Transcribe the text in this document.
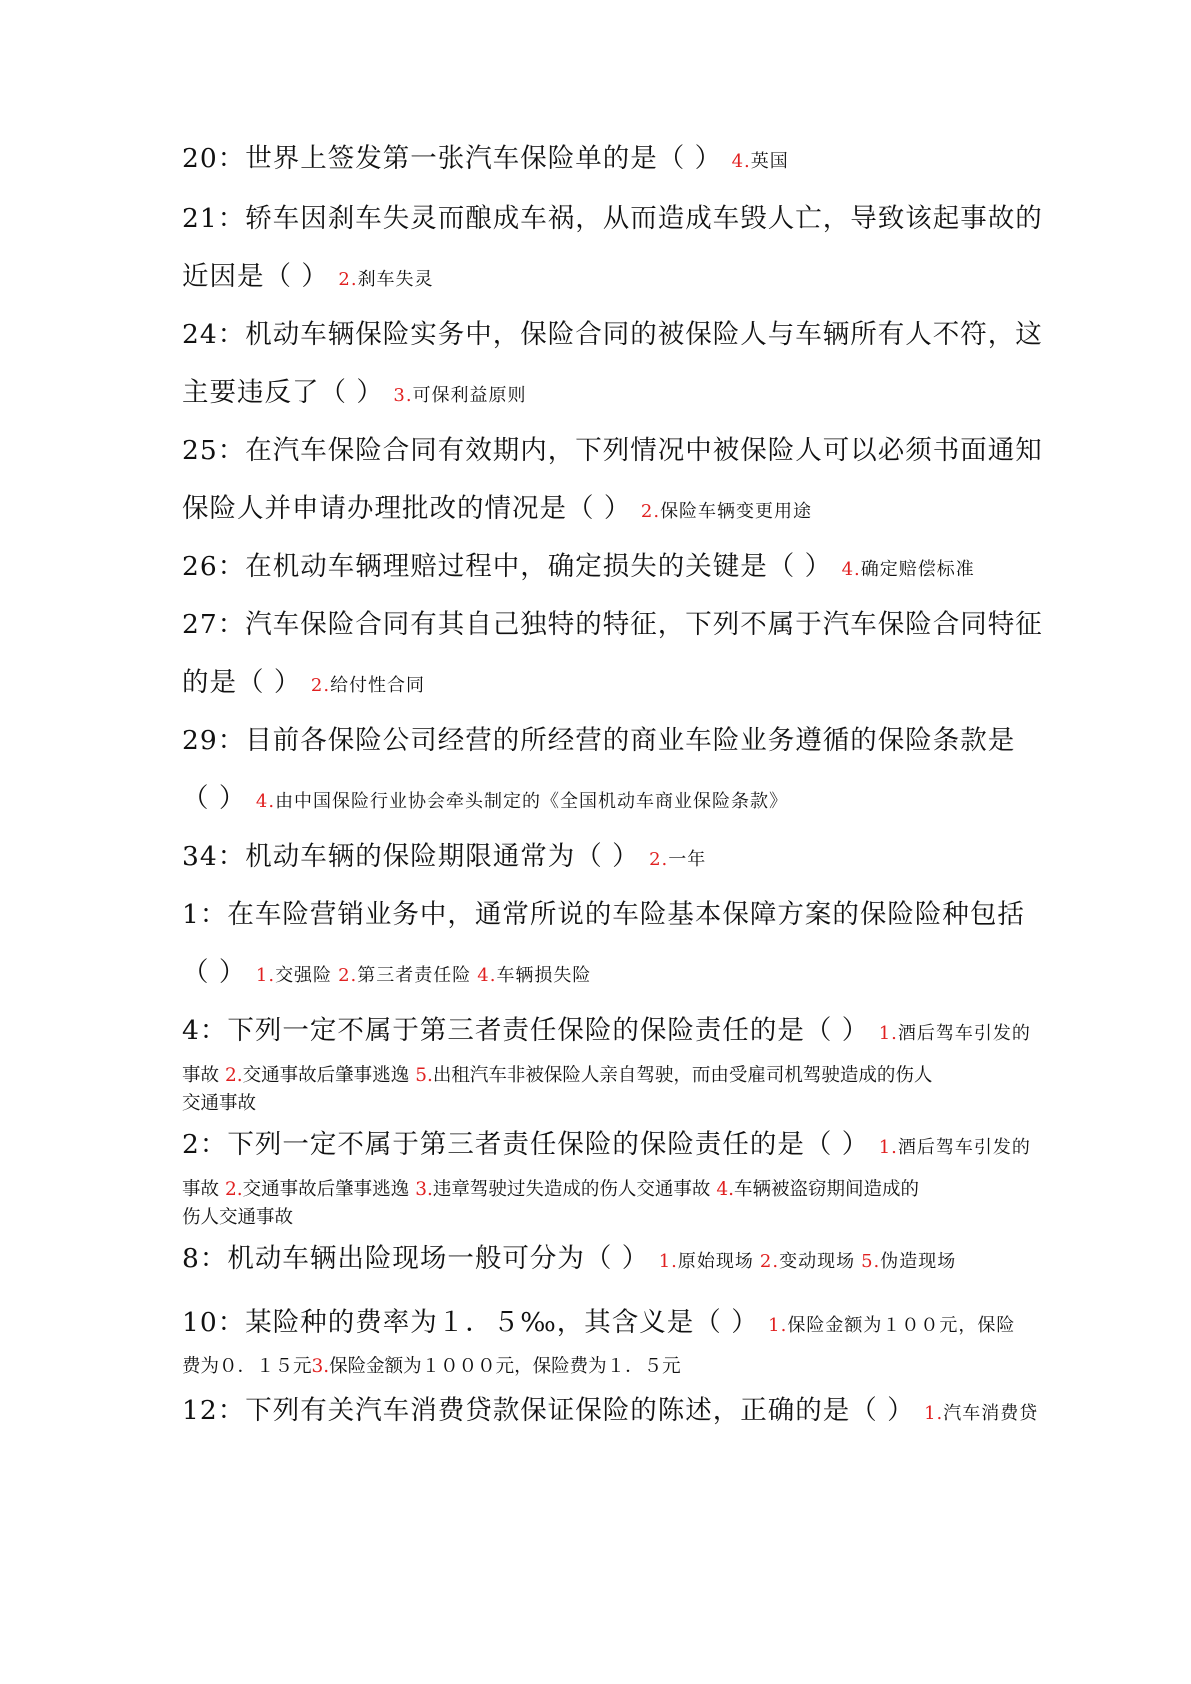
20：世界上签发第一张汽车保险单的是（ ） 4.英国
21：轿车因刹车失灵而酿成车祸，从而造成车毁人亡，导致该起事故的
近因是（ ） 2.刹车失灵
24：机动车辆保险实务中，保险合同的被保险人与车辆所有人不符，这
主要违反了（ ） 3.可保利益原则
25：在汽车保险合同有效期内，下列情况中被保险人可以必须书面通知
保险人并申请办理批改的情况是（ ） 2.保险车辆变更用途
26：在机动车辆理赔过程中，确定损失的关键是（ ） 4.确定赔偿标准
27：汽车保险合同有其自己独特的特征，下列不属于汽车保险合同特征
的是（ ） 2.给付性合同
29：目前各保险公司经营的所经营的商业车险业务遵循的保险条款是
（ ） 4.由中国保险行业协会牵头制定的《全国机动车商业保险条款》
34：机动车辆的保险期限通常为（ ） 2.一年
1：在车险营销业务中，通常所说的车险基本保障方案的保险险种包括
（ ） 1.交强险 2.第三者责任险 4.车辆损失险
4：下列一定不属于第三者责任保险的保险责任的是（ ） 1.酒后驾车引发的
事故 2.交通事故后肇事逃逸 5.出租汽车非被保险人亲自驾驶，而由受雇司机驾驶造成的伤人
交通事故
2：下列一定不属于第三者责任保险的保险责任的是（ ） 1.酒后驾车引发的
事故 2.交通事故后肇事逃逸 3.违章驾驶过失造成的伤人交通事故 4.车辆被盗窃期间造成的
伤人交通事故
8：机动车辆出险现场一般可分为（ ） 1.原始现场 2.变动现场 5.伪造现场
10：某险种的费率为１．５‰，其含义是（ ） 1.保险金额为１００元，保险
费为０．１５元3.保险金额为１０００元，保险费为１．５元
12：下列有关汽车消费贷款保证保险的陈述，正确的是（ ） 1.汽车消费贷
